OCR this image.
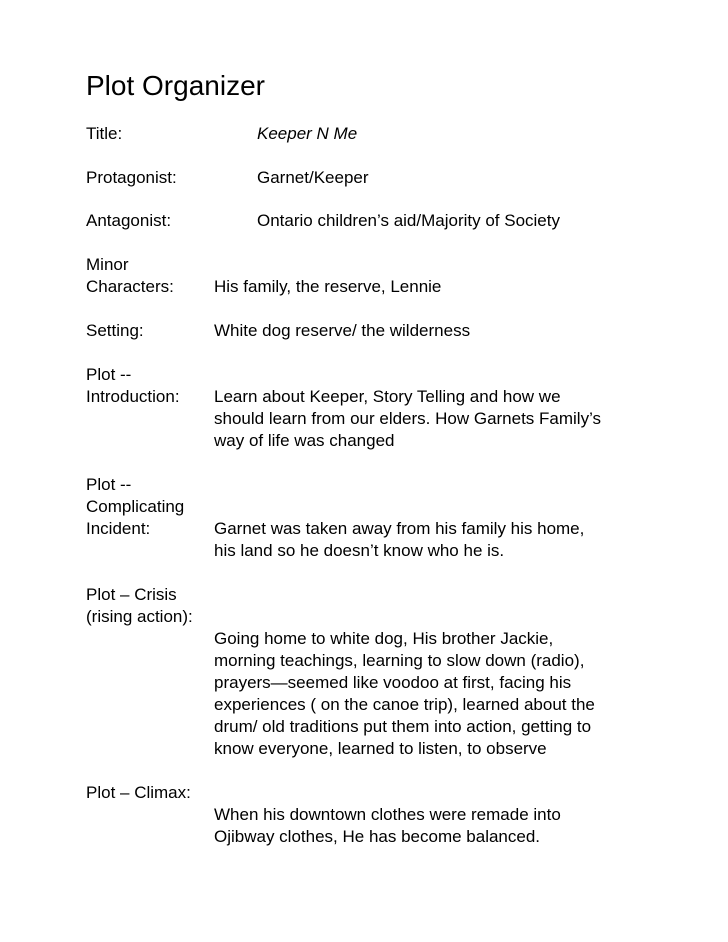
Plot Organizer
Title:	Keeper N Me
Protagonist:	Garnet/Keeper
Antagonist:	Ontario children’s aid/Majority of Society
Minor
Characters: His family, the reserve, Lennie
Setting:	White dog reserve/ the wilderness
Plot --
Introduction: Learn about Keeper, Story Telling and how we
should learn from our elders. How Garnets Family’s
way of life was changed
Plot --
Complicating
Incident:	Garnet was taken away from his family his home,
his land so he doesn’t know who he is.
Plot – Crisis
(rising action):
Going home to white dog, His brother Jackie,
morning teachings, learning to slow down (radio),
prayers—seemed like voodoo at first, facing his
experiences ( on the canoe trip), learned about the
drum/ old traditions put them into action, getting to
know everyone, learned to listen, to observe
Plot – Climax:
When his downtown clothes were remade into
Ojibway clothes, He has become balanced.
